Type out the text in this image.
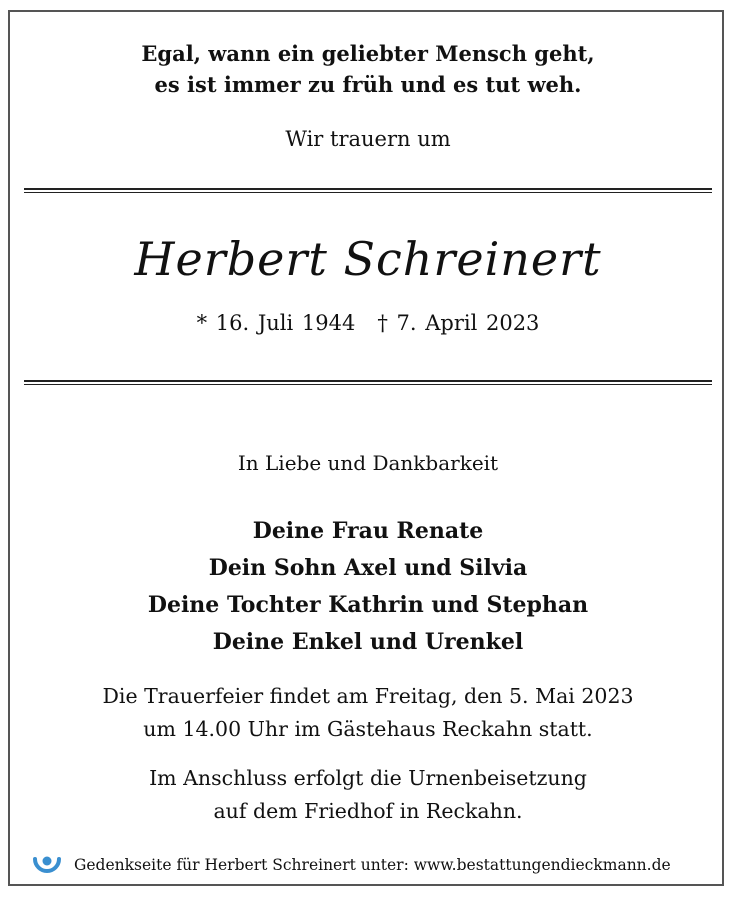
Egal, wann ein geliebter Mensch geht,
es ist immer zu früh und es tut weh.
Wir trauern um
Herbert Schreinert
* 16. Juli 1944 † 7. April 2023
In Liebe und Dankbarkeit
Deine Frau Renate
Dein Sohn Axel und Silvia
Deine Tochter Kathrin und Stephan
Deine Enkel und Urenkel
Die Trauerfeier findet am Freitag, den 5. Mai 2023
um 14.00 Uhr im Gästehaus Reckahn statt.
Im Anschluss erfolgt die Urnenbeisetzung
auf dem Friedhof in Reckahn.
Gedenkseite für Herbert Schreinert unter: www.bestattungendieckmann.de
